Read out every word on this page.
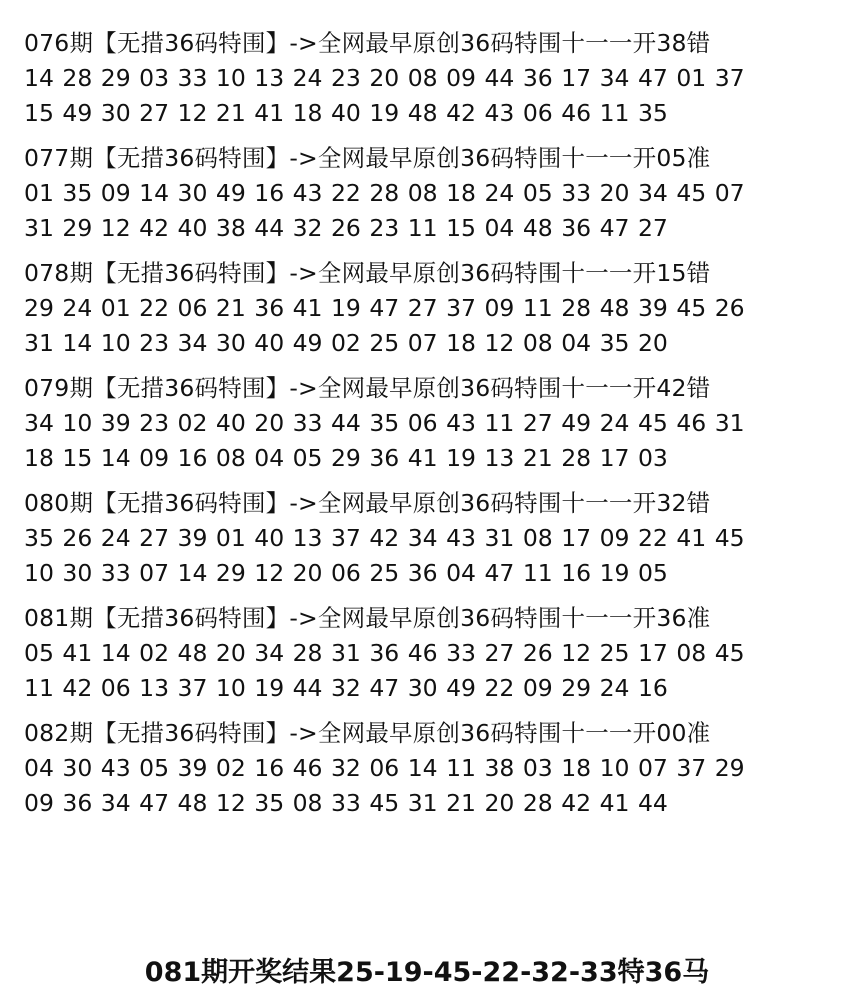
076期【无措36码特围】->全网最早原创36码特围十一一开38错
14 28 29 03 33 10 13 24 23 20 08 09 44 36 17 34 47 01 37
15 49 30 27 12 21 41 18 40 19 48 42 43 06 46 11 35
077期【无措36码特围】->全网最早原创36码特围十一一开05准
01 35 09 14 30 49 16 43 22 28 08 18 24 05 33 20 34 45 07
31 29 12 42 40 38 44 32 26 23 11 15 04 48 36 47 27
078期【无措36码特围】->全网最早原创36码特围十一一开15错
29 24 01 22 06 21 36 41 19 47 27 37 09 11 28 48 39 45 26
31 14 10 23 34 30 40 49 02 25 07 18 12 08 04 35 20
079期【无措36码特围】->全网最早原创36码特围十一一开42错
34 10 39 23 02 40 20 33 44 35 06 43 11 27 49 24 45 46 31
18 15 14 09 16 08 04 05 29 36 41 19 13 21 28 17 03
080期【无措36码特围】->全网最早原创36码特围十一一开32错
35 26 24 27 39 01 40 13 37 42 34 43 31 08 17 09 22 41 45
10 30 33 07 14 29 12 20 06 25 36 04 47 11 16 19 05
081期【无措36码特围】->全网最早原创36码特围十一一开36准
05 41 14 02 48 20 34 28 31 36 46 33 27 26 12 25 17 08 45
11 42 06 13 37 10 19 44 32 47 30 49 22 09 29 24 16
082期【无措36码特围】->全网最早原创36码特围十一一开00准
04 30 43 05 39 02 16 46 32 06 14 11 38 03 18 10 07 37 29
09 36 34 47 48 12 35 08 33 45 31 21 20 28 42 41 44
081期开奖结果25-19-45-22-32-33特36马
